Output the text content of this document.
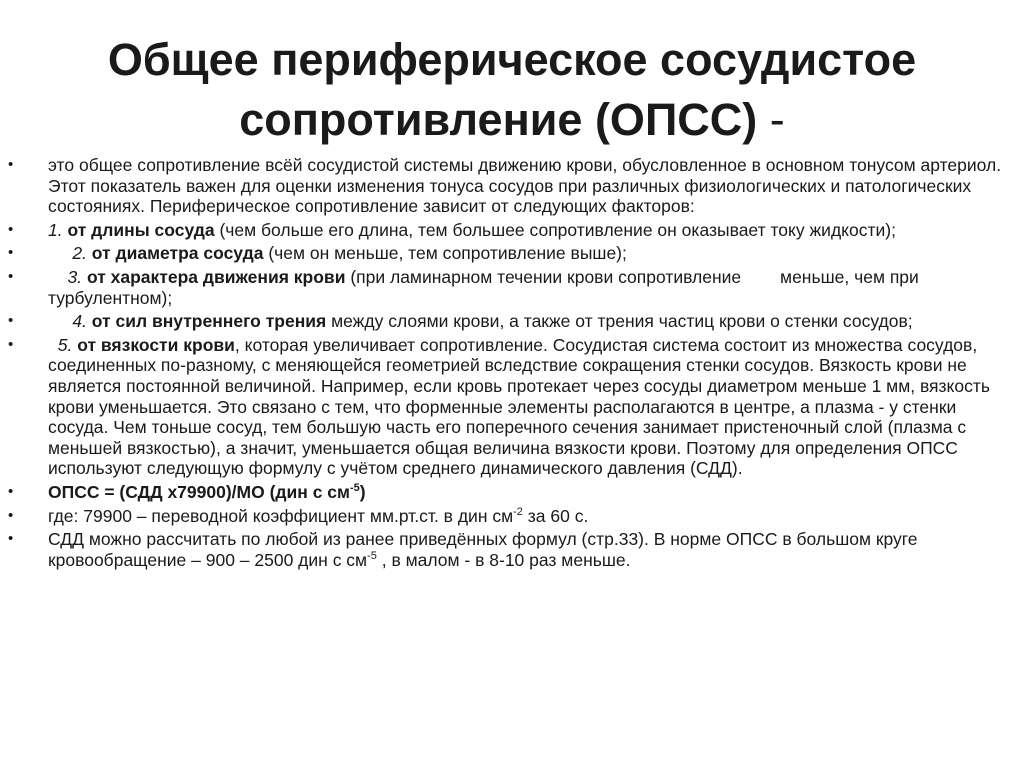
Общее периферическое сосудистое сопротивление (ОПСС) -
• это общее сопротивление всëй сосудистой системы движению крови, обусловленное в основном тонусом артериол. Этот показатель важен для оценки изменения тонуса сосудов при различных физиологических и патологических состояниях. Периферическое сопротивление зависит от следующих факторов:
• 1. от длины сосуда (чем больше его длина, тем большее сопротивление он оказывает току жидкости);
•	2. от диаметра сосуда (чем он меньше, тем сопротивление выше);
•	3. от характера движения крови (при ламинарном течении крови сопротивление        меньше, чем при турбулентном);
•	4. от сил внутреннего трения между слоями крови, а также от трения частиц крови о стенки сосудов;
•	5. от вязкости крови, которая увеличивает сопротивление. Сосудистая система состоит из множества сосудов, соединенных по-разному, с меняющейся геометрией вследствие сокращения стенки сосудов. Вязкость крови не является постоянной величиной. Например, если кровь протекает через сосуды диаметром меньше 1 мм, вязкость крови уменьшается. Это связано с тем, что форменные элементы располагаются в центре, а плазма - у стенки сосуда. Чем тоньше сосуд, тем большую часть его поперечного сечения занимает пристеночный слой (плазма с меньшей вязкостью), а значит, уменьшается общая величина вязкости крови. Поэтому для определения ОПСС используют следующую формулу с учётом среднего динамического давления (СДД).
• ОПСС = (СДД х79900)/МО (дин с $см^{-5}$)
• где: 79900 – переводной коэффициент мм.рт.ст. в дин $см^{-2}$ за 60 с.
• СДД можно рассчитать по любой из ранее приведённых формул (стр.33). В норме ОПСС в большом круге кровообращение – 900 – 2500 дин с $см^{-5}$ , в малом - в 8-10 раз меньше.
